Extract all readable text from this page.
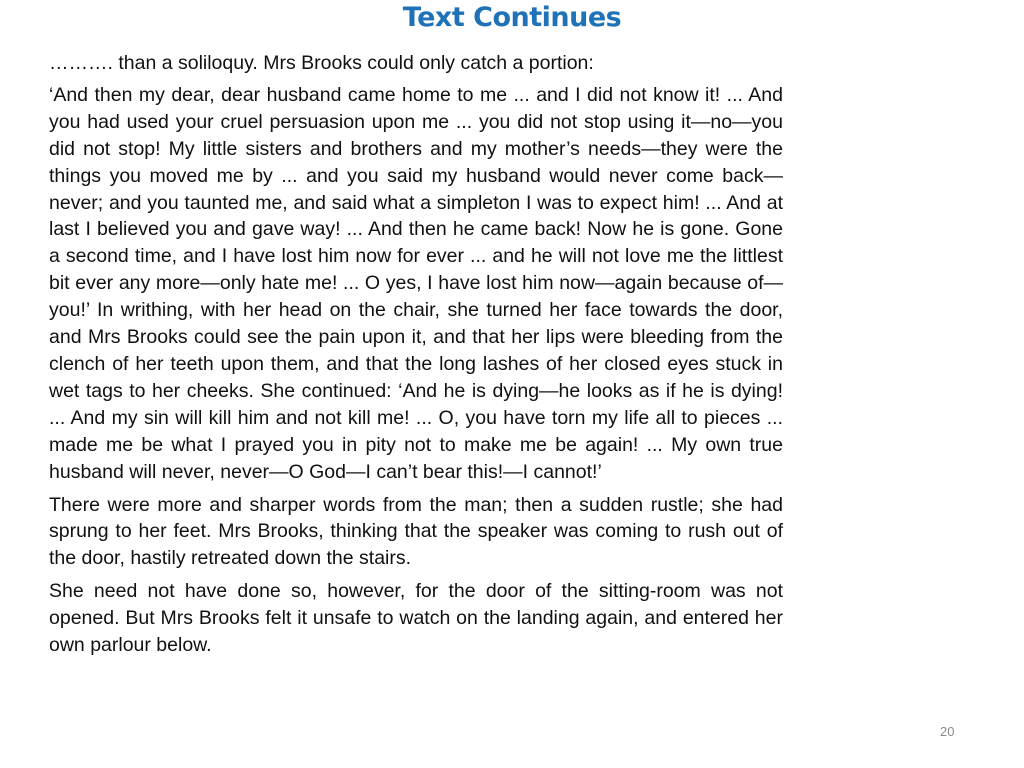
Text Continues

………. than a soliloquy. Mrs Brooks could only catch a portion:

‘And then my dear, dear husband came home to me ... and I did not know it! ... And you had used your cruel persuasion upon me ... you did not stop using it—no—you did not stop! My little sisters and brothers and my mother’s needs—they were the things you moved me by ... and you said my husband would never come back—never; and you taunted me, and said what a simpleton I was to expect him! ... And at last I believed you and gave way! ... And then he came back! Now he is gone. Gone a second time, and I have lost him now for ever ... and he will not love me the littlest bit ever any more—only hate me! ... O yes, I have lost him now—again because of—you!’ In writhing, with her head on the chair, she turned her face towards the door, and Mrs Brooks could see the pain upon it, and that her lips were bleeding from the clench of her teeth upon them, and that the long lashes of her closed eyes stuck in wet tags to her cheeks. She continued: ‘And he is dying—he looks as if he is dying! ... And my sin will kill him and not kill me! ... O, you have torn my life all to pieces ... made me be what I prayed you in pity not to make me be again! ... My own true husband will never, never—O God—I can’t bear this!—I cannot!’

There were more and sharper words from the man; then a sudden rustle; she had sprung to her feet. Mrs Brooks, thinking that the speaker was coming to rush out of the door, hastily retreated down the stairs.

She need not have done so, however, for the door of the sitting-room was not opened. But Mrs Brooks felt it unsafe to watch on the landing again, and entered her own parlour below.

20
